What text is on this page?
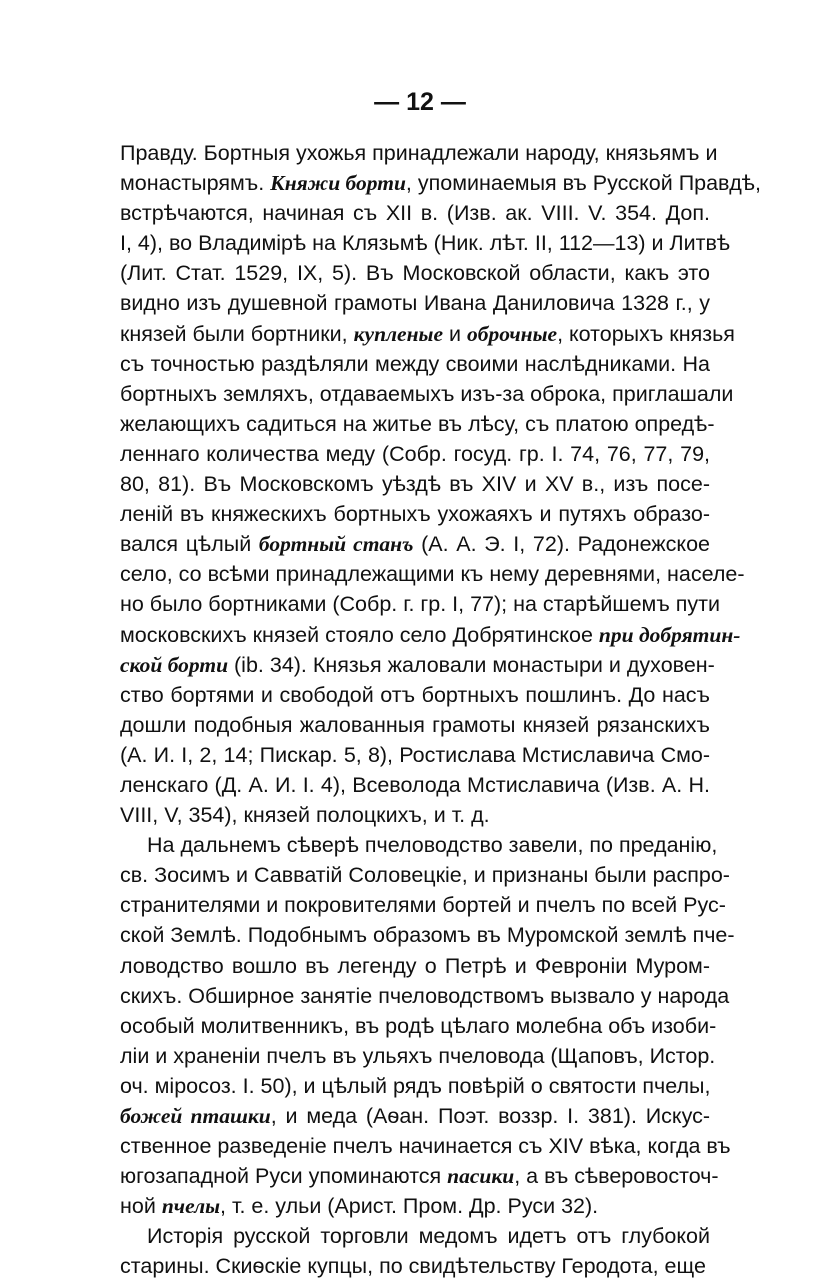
— 12 —
Правду. Бортныя ухожья принадлежали народу, князьямъ и
монастырямъ. Княжи борти, упоминаемыя въ Русской Правдѣ,
встрѣчаются, начиная съ XII в. (Изв. ак. VIII. V. 354. Доп.
I, 4), во Владимірѣ на Клязьмѣ (Ник. лѣт. II, 112—13) и Литвѣ
(Лит. Стат. 1529, IX, 5). Въ Московской области, какъ это
видно изъ душевной грамоты Ивана Даниловича 1328 г., у
князей были бортники, купленые и оброчные, которыхъ князья
съ точностью раздѣляли между своими наслѣдниками. На
бортныхъ земляхъ, отдаваемыхъ изъ-за оброка, приглашали
желающихъ садиться на житье въ лѣсу, съ платою опредѣ-
леннаго количества меду (Собр. госуд. гр. I. 74, 76, 77, 79,
80, 81). Въ Московскомъ уѣздѣ въ XIV и XV в., изъ посе-
леній въ княжескихъ бортныхъ ухожаяхъ и путяхъ образо-
вался цѣлый бортный станъ (А. А. Э. I, 72). Радонежское
село, со всѣми принадлежащими къ нему деревнями, населе-
но было бортниками (Собр. г. гр. I, 77); на старѣйшемъ пути
московскихъ князей стояло село Добрятинское при добрятин-
ской борти (ib. 34). Князья жаловали монастыри и духовен-
ство бортями и свободой отъ бортныхъ пошлинъ. До насъ
дошли подобныя жалованныя грамоты князей рязанскихъ
(А. И. I, 2, 14; Пискар. 5, 8), Ростислава Мстиславича Смо-
ленскаго (Д. А. И. I. 4), Всеволода Мстиславича (Изв. А. Н.
VIII, V, 354), князей полоцкихъ, и т. д.
На дальнемъ сѣверѣ пчеловодство завели, по преданію,
св. Зосимъ и Савватій Соловецкіе, и признаны были распро-
странителями и покровителями бортей и пчелъ по всей Рус-
ской Землѣ. Подобнымъ образомъ въ Муромской землѣ пче-
ловодство вошло въ легенду о Петрѣ и Февроніи Муром-
скихъ. Обширное занятіе пчеловодствомъ вызвало у народа
особый молитвенникъ, въ родѣ цѣлаго молебна объ изоби-
ліи и храненіи пчелъ въ ульяхъ пчеловода (Щаповъ, Истор.
оч. міросоз. I. 50), и цѣлый рядъ повѣрій о святости пчелы,
божей пташки, и меда (Аѳан. Поэт. воззр. I. 381). Искус-
ственное разведеніе пчелъ начинается съ XIV вѣка, когда въ
югозападной Руси упоминаются пасики, а въ сѣверовосточ-
ной пчелы, т. е. ульи (Арист. Пром. Др. Руси 32).
Исторія русской торговли медомъ идетъ отъ глубокой
старины. Скиѳскіе купцы, по свидѣтельству Геродота, еще
